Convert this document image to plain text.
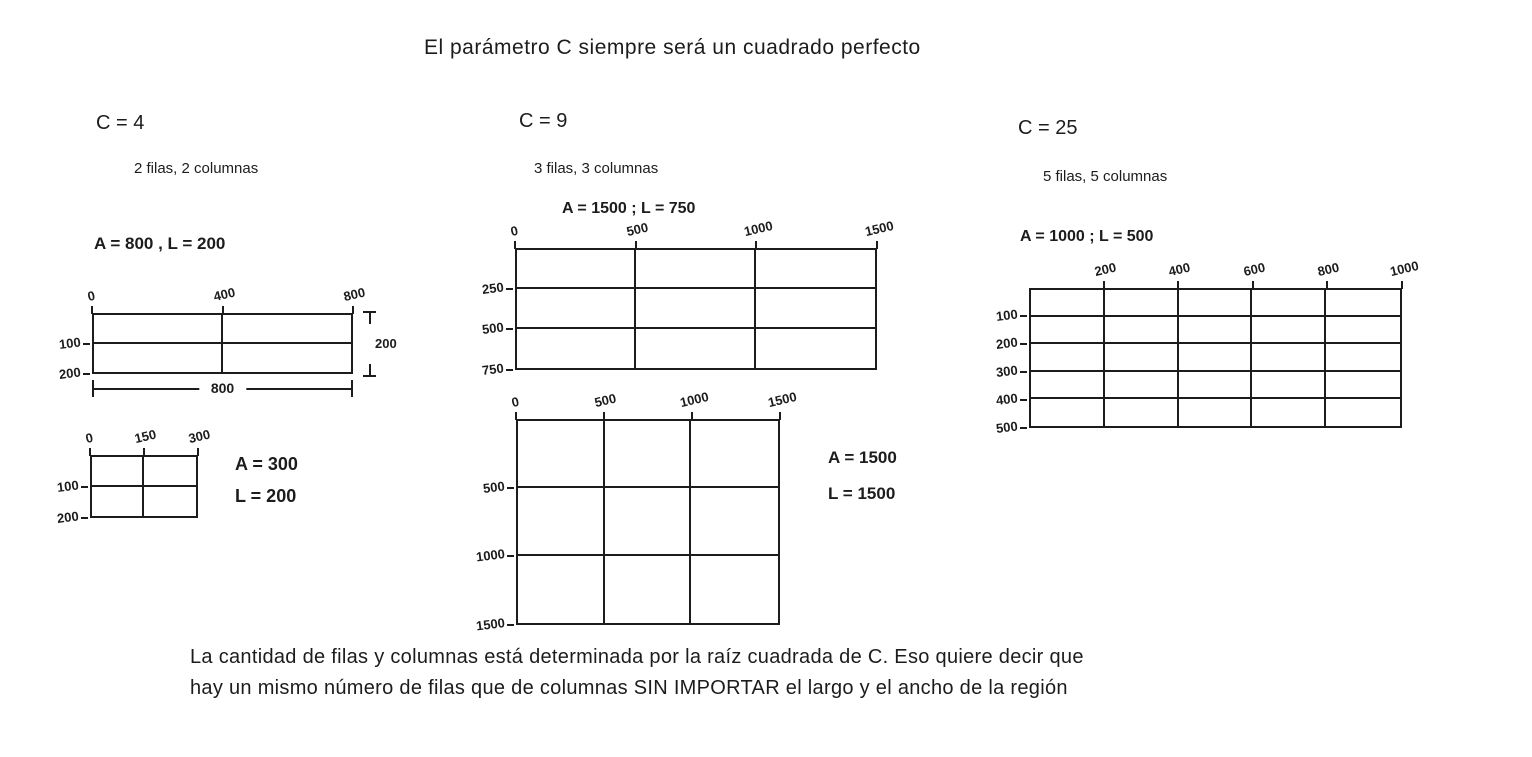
El parámetro C siempre será un cuadrado perfecto
C = 4
2 filas, 2 columnas
A = 800 , L = 200
C = 9
3 filas, 3 columnas
A = 1500 ; L = 750
C = 25
5 filas, 5 columnas
A = 1000 ; L = 500
200
800
A = 300
L = 200
A = 1500
L = 1500
La cantidad de filas y columnas está determinada por la raíz cuadrada de C. Eso quiere decir que
hay un mismo número de filas que de columnas SIN IMPORTAR el largo y el ancho de la región
0	400	800
100
200
0	150 300
100
200
0	500	1000	1500
250
500
750
0	500	1000	1500
500
1000
1500
200	400	600	800	1000
100
200
300
400
500
